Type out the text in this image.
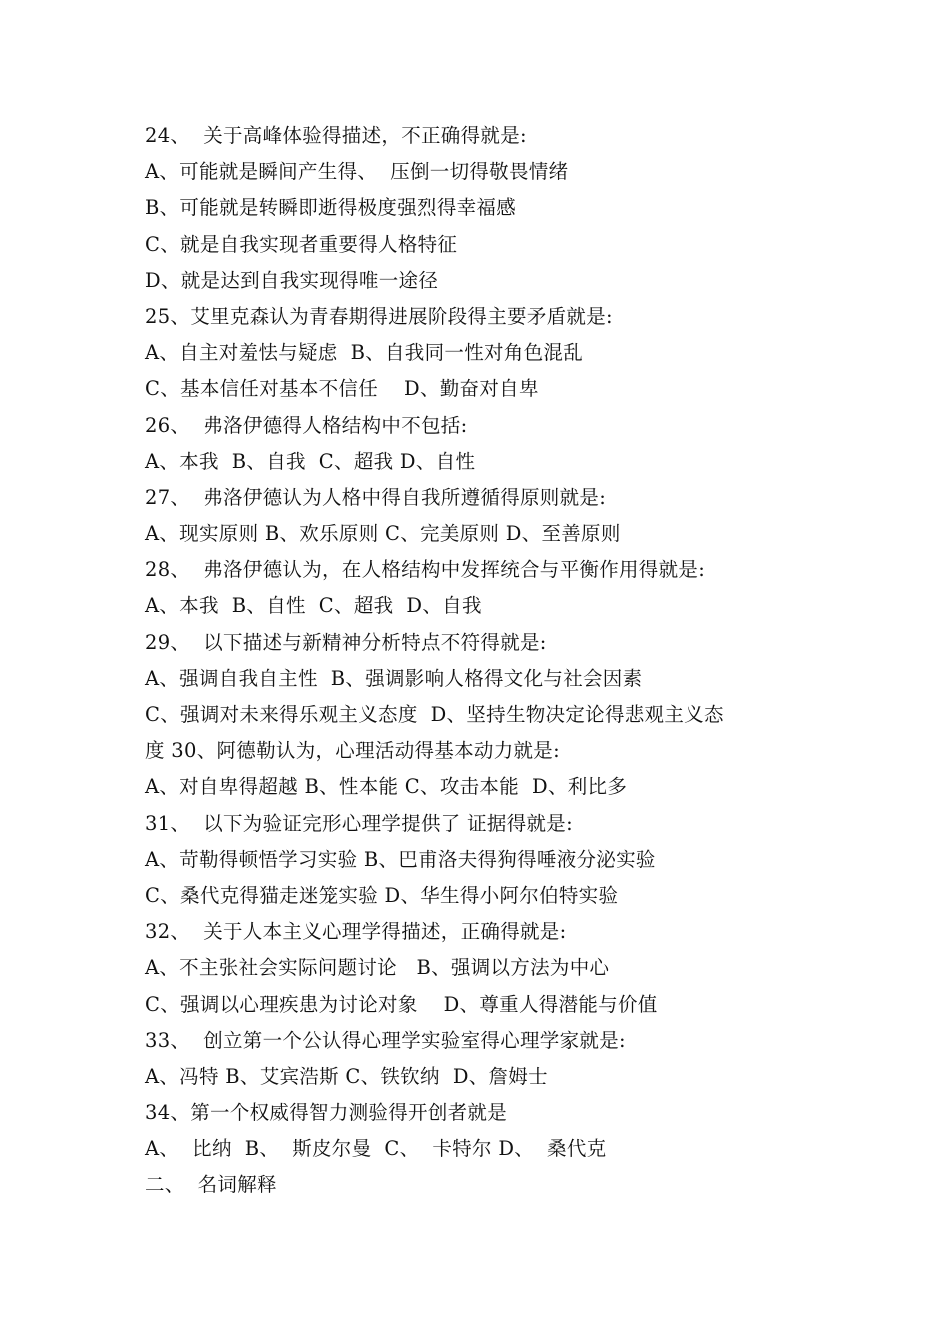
24、  关于高峰体验得描述，不正确得就是:
A、可能就是瞬间产生得、  压倒一切得敬畏情绪
B、可能就是转瞬即逝得极度强烈得幸福感
C、就是自我实现者重要得人格特征
D、就是达到自我实现得唯一途径
25、艾里克森认为青春期得进展阶段得主要矛盾就是:
A、自主对羞怯与疑虑  B、自我同一性对角色混乱
C、基本信任对基本不信任    D、勤奋对自卑
26、  弗洛伊德得人格结构中不包括:
A、本我  B、自我  C、超我 D、自性
27、  弗洛伊德认为人格中得自我所遵循得原则就是:
A、现实原则 B、欢乐原则 C、完美原则 D、至善原则
28、  弗洛伊德认为，在人格结构中发挥统合与平衡作用得就是:
A、本我  B、自性  C、超我  D、自我
29、  以下描述与新精神分析特点不符得就是:
A、强调自我自主性  B、强调影响人格得文化与社会因素
C、强调对未来得乐观主义态度  D、坚持生物决定论得悲观主义态
度 30、阿德勒认为，心理活动得基本动力就是:
A、对自卑得超越 B、性本能 C、攻击本能  D、利比多
31、  以下为验证完形心理学提供了 证据得就是:
A、苛勒得顿悟学习实验 B、巴甫洛夫得狗得唾液分泌实验
C、桑代克得猫走迷笼实验 D、华生得小阿尔伯特实验
32、  关于人本主义心理学得描述，正确得就是:
A、不主张社会实际问题讨论   B、强调以方法为中心
C、强调以心理疾患为讨论对象    D、尊重人得潜能与价值
33、  创立第一个公认得心理学实验室得心理学家就是:
A、冯特 B、艾宾浩斯 C、铁钦纳  D、詹姆士
34、第一个权威得智力测验得开创者就是
A、  比纳  B、  斯皮尔曼  C、  卡特尔 D、  桑代克
二、  名词解释
